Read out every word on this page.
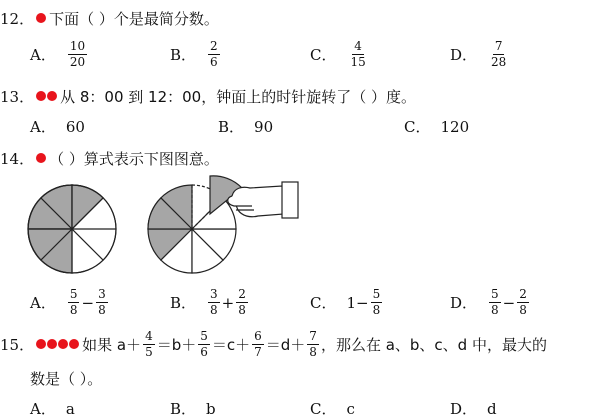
12． 下面（ ）个是最简分数。
A． $\frac{10}{20}$	B． $\frac{2}{6}$	C． $\frac{4}{15}$	D． $\frac{7}{28}$
13． 从 8：00 到 12：00，钟面上的时针旋转了（ ）度。
A． 60	B． 90	C． 120
14． （ ）算式表示下图图意。
A． $\frac{5}{8} - \frac{3}{8}$	B． $\frac{3}{8} + \frac{2}{8}$	C． $1- \frac{5}{8}$	D． $\frac{5}{8} - \frac{2}{8}$
15．	如果 $a+ \frac{4}{5} =b+ \frac{5}{6} =c+ \frac{6}{7} =d+ \frac{7}{8}$ ，那么在 a、b、c、d 中，最大的
数是（ ）。
A． a	B． b	C． c	D． d
